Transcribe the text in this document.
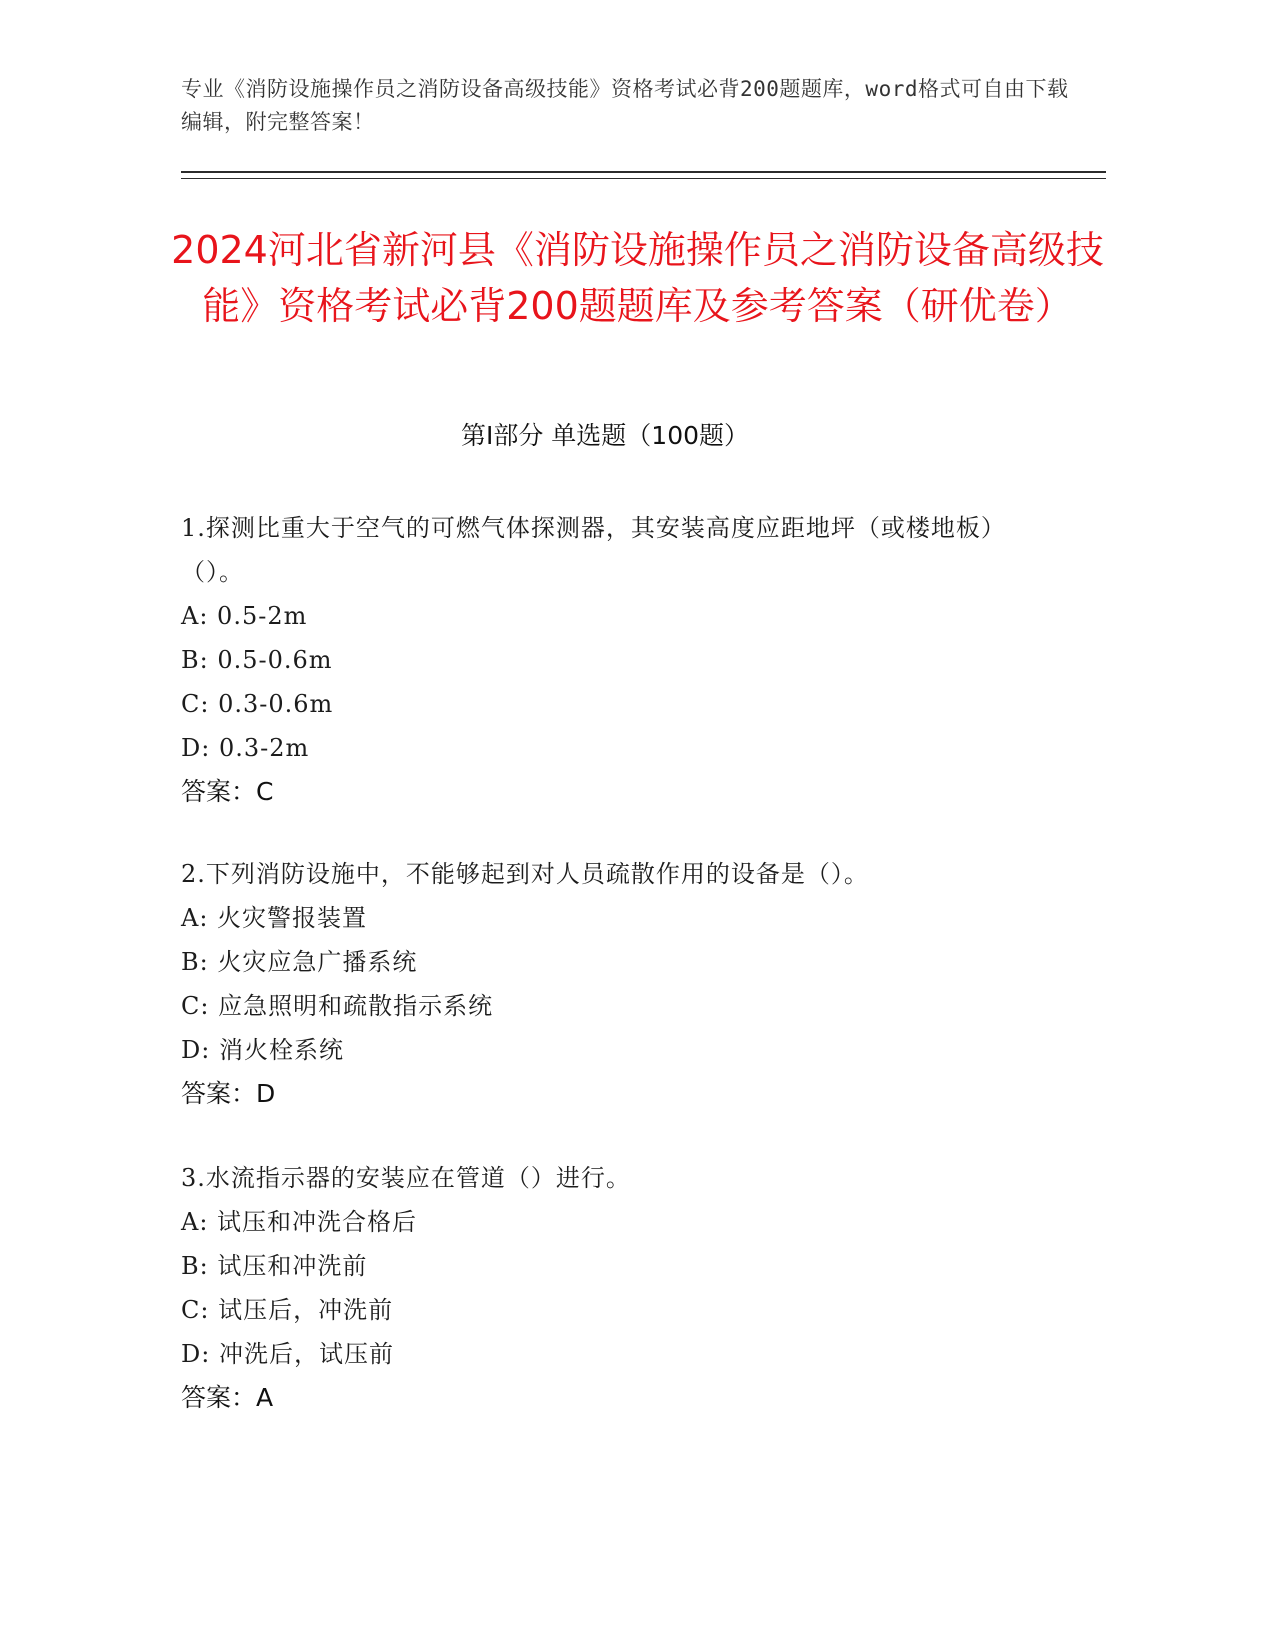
专业《消防设施操作员之消防设备高级技能》资格考试必背200题题库，word格式可自由下载编辑，附完整答案！
2024河北省新河县《消防设施操作员之消防设备高级技能》资格考试必背200题题库及参考答案（研优卷）
第I部分 单选题（100题）
1.探测比重大于空气的可燃气体探测器，其安装高度应距地坪（或楼地板）（）。
A: 0.5-2m
B: 0.5-0.6m
C: 0.3-0.6m
D: 0.3-2m
答案：C
2.下列消防设施中，不能够起到对人员疏散作用的设备是（）。
A: 火灾警报装置
B: 火灾应急广播系统
C: 应急照明和疏散指示系统
D: 消火栓系统
答案：D
3.水流指示器的安装应在管道（）进行。
A: 试压和冲洗合格后
B: 试压和冲洗前
C: 试压后，冲洗前
D: 冲洗后，试压前
答案：A
